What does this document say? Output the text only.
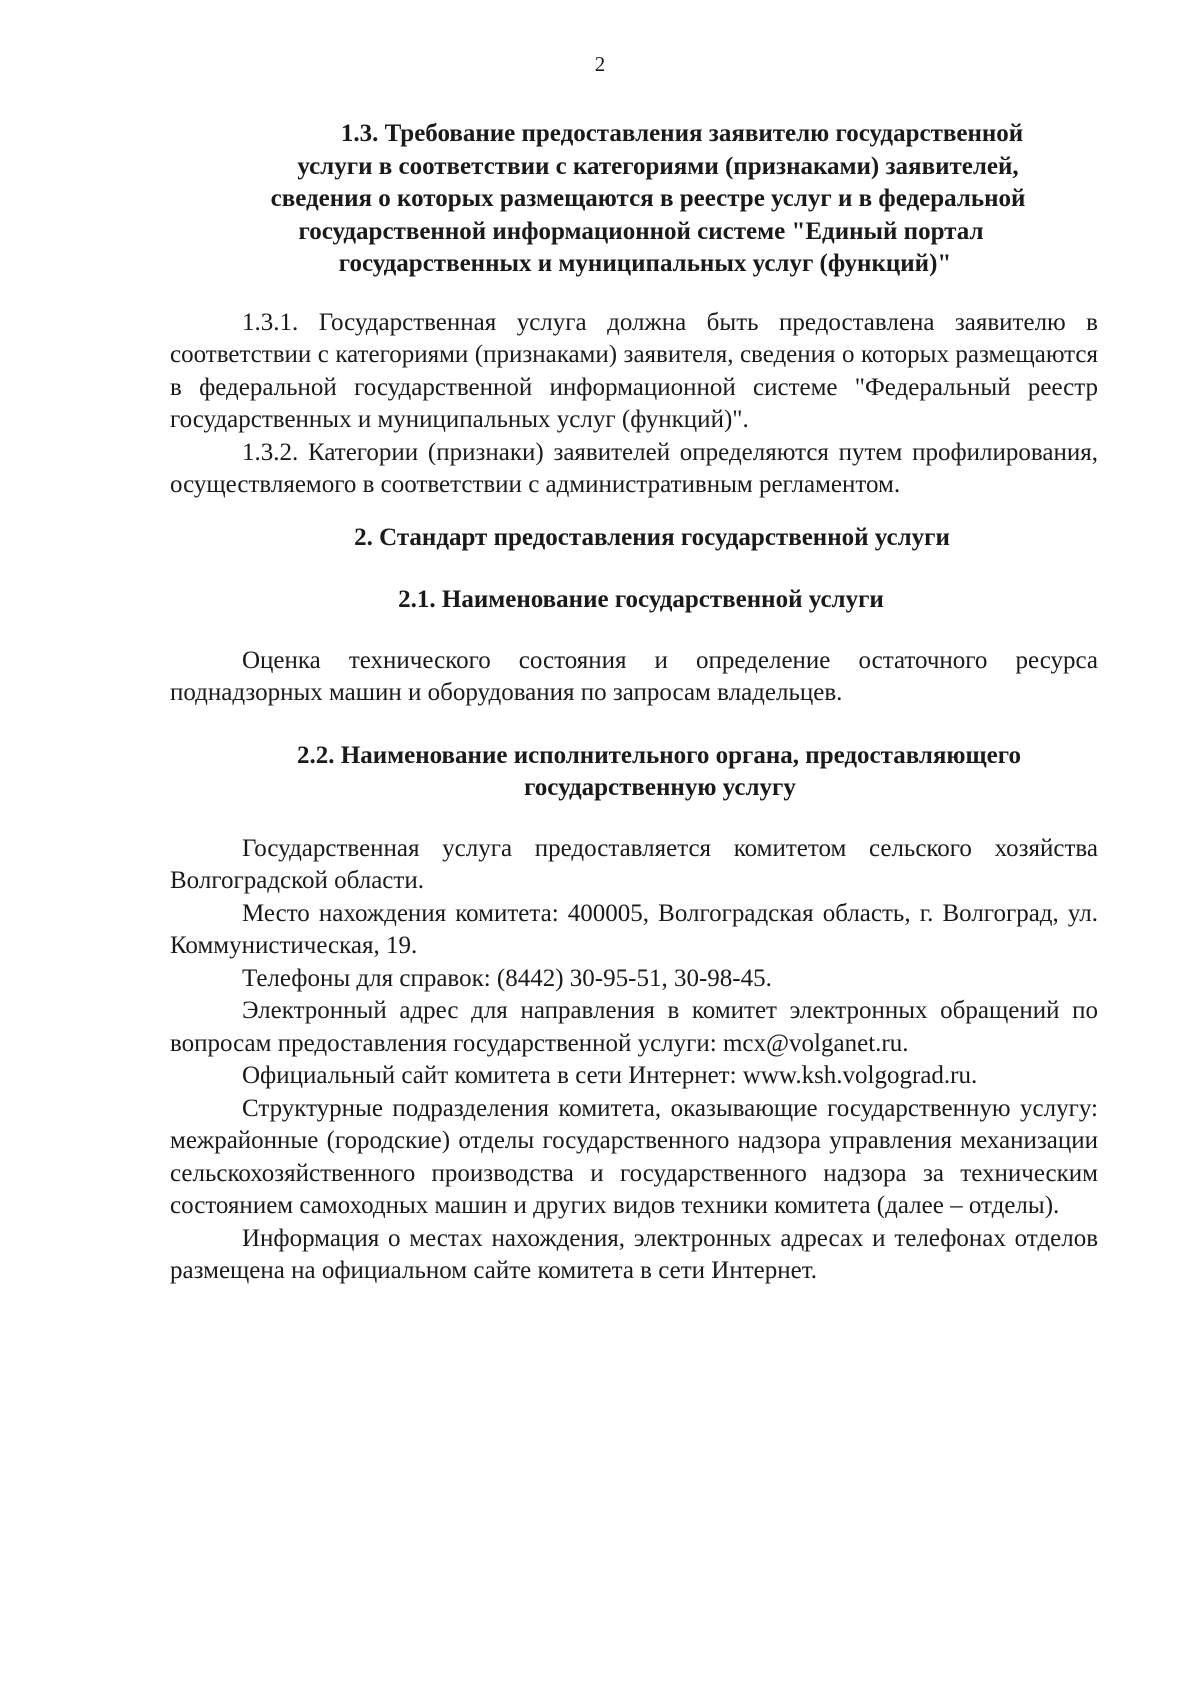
2
1.3. Требование предоставления заявителю государственной
услуги в соответствии с категориями (признаками) заявителей,
сведения о которых размещаются в реестре услуг и в федеральной
государственной информационной системе "Единый портал
государственных и муниципальных услуг (функций)"

1.3.1. Государственная услуга должна быть предоставлена заявителю в соответствии с категориями (признаками) заявителя, сведения о которых размещаются в федеральной государственной информационной системе "Федеральный реестр государственных и муниципальных услуг (функций)".

1.3.2. Категории (признаки) заявителей определяются путем профилирования, осуществляемого в соответствии с административным регламентом.

2. Стандарт предоставления государственной услуги
2.1. Наименование государственной услуги

Оценка технического состояния и определение остаточного ресурса поднадзорных машин и оборудования по запросам владельцев.

2.2. Наименование исполнительного органа, предоставляющего
государственную услугу

Государственная услуга предоставляется комитетом сельского хозяйства Волгоградской области.

Место нахождения комитета: 400005, Волгоградская область, г. Волгоград, ул. Коммунистическая, 19.

Телефоны для справок: (8442) 30-95-51, 30-98-45.

Электронный адрес для направления в комитет электронных обращений по вопросам предоставления государственной услуги: mcx@volganet.ru.

Официальный сайт комитета в сети Интернет: www.ksh.volgograd.ru.

Структурные подразделения комитета, оказывающие государственную услугу: межрайонные (городские) отделы государственного надзора управления механизации сельскохозяйственного производства и государственного надзора за техническим состоянием самоходных машин и других видов техники комитета (далее – отделы).

Информация о местах нахождения, электронных адресах и телефонах отделов размещена на официальном сайте комитета в сети Интернет.
